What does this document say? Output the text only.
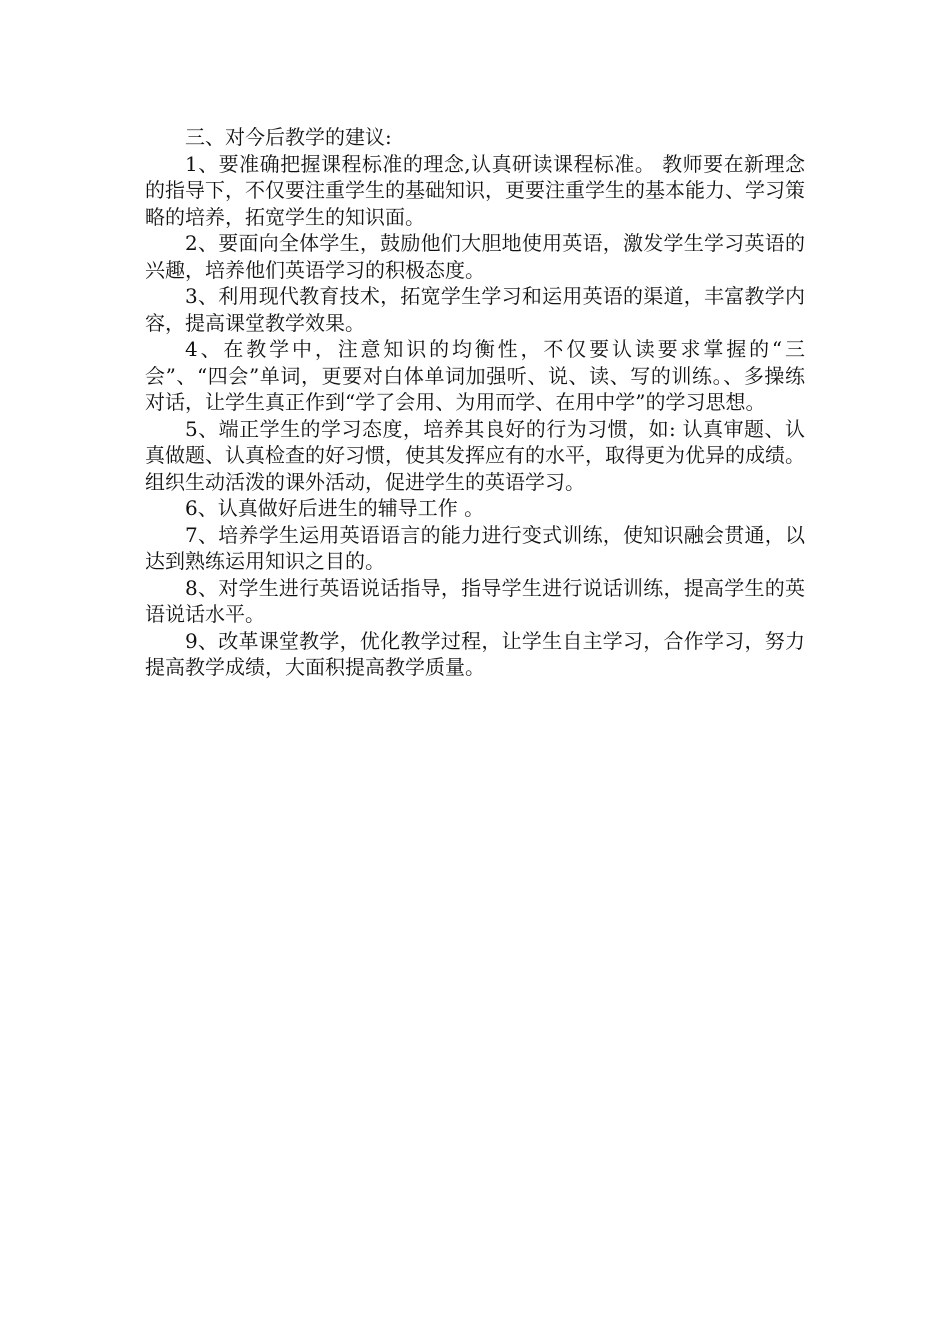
三、对今后教学的建议:

1、要准确把握课程标准的理念,认真研读课程标准。 教师要在新理念的指导下，不仅要注重学生的基础知识，更要注重学生的基本能力、学习策略的培养，拓宽学生的知识面。

2、要面向全体学生，鼓励他们大胆地使用英语，激发学生学习英语的兴趣，培养他们英语学习的积极态度。

3、利用现代教育技术，拓宽学生学习和运用英语的渠道，丰富教学内容，提高课堂教学效果。

4、在教学中，注意知识的均衡性，不仅要认读要求掌握的“三会”、“四会”单词，更要对白体单词加强听、说、读、写的训练。、多操练对话，让学生真正作到“学了会用、为用而学、在用中学”的学习思想。

5、端正学生的学习态度，培养其良好的行为习惯，如: 认真审题、认真做题、认真检查的好习惯，使其发挥应有的水平，取得更为优异的成绩。组织生动活泼的课外活动，促进学生的英语学习。

6、认真做好后进生的辅导工作 。

7、培养学生运用英语语言的能力进行变式训练，使知识融会贯通，以达到熟练运用知识之目的。

8、对学生进行英语说话指导，指导学生进行说话训练，提高学生的英语说话水平。

9、改革课堂教学，优化教学过程，让学生自主学习，合作学习，努力提高教学成绩，大面积提高教学质量。
